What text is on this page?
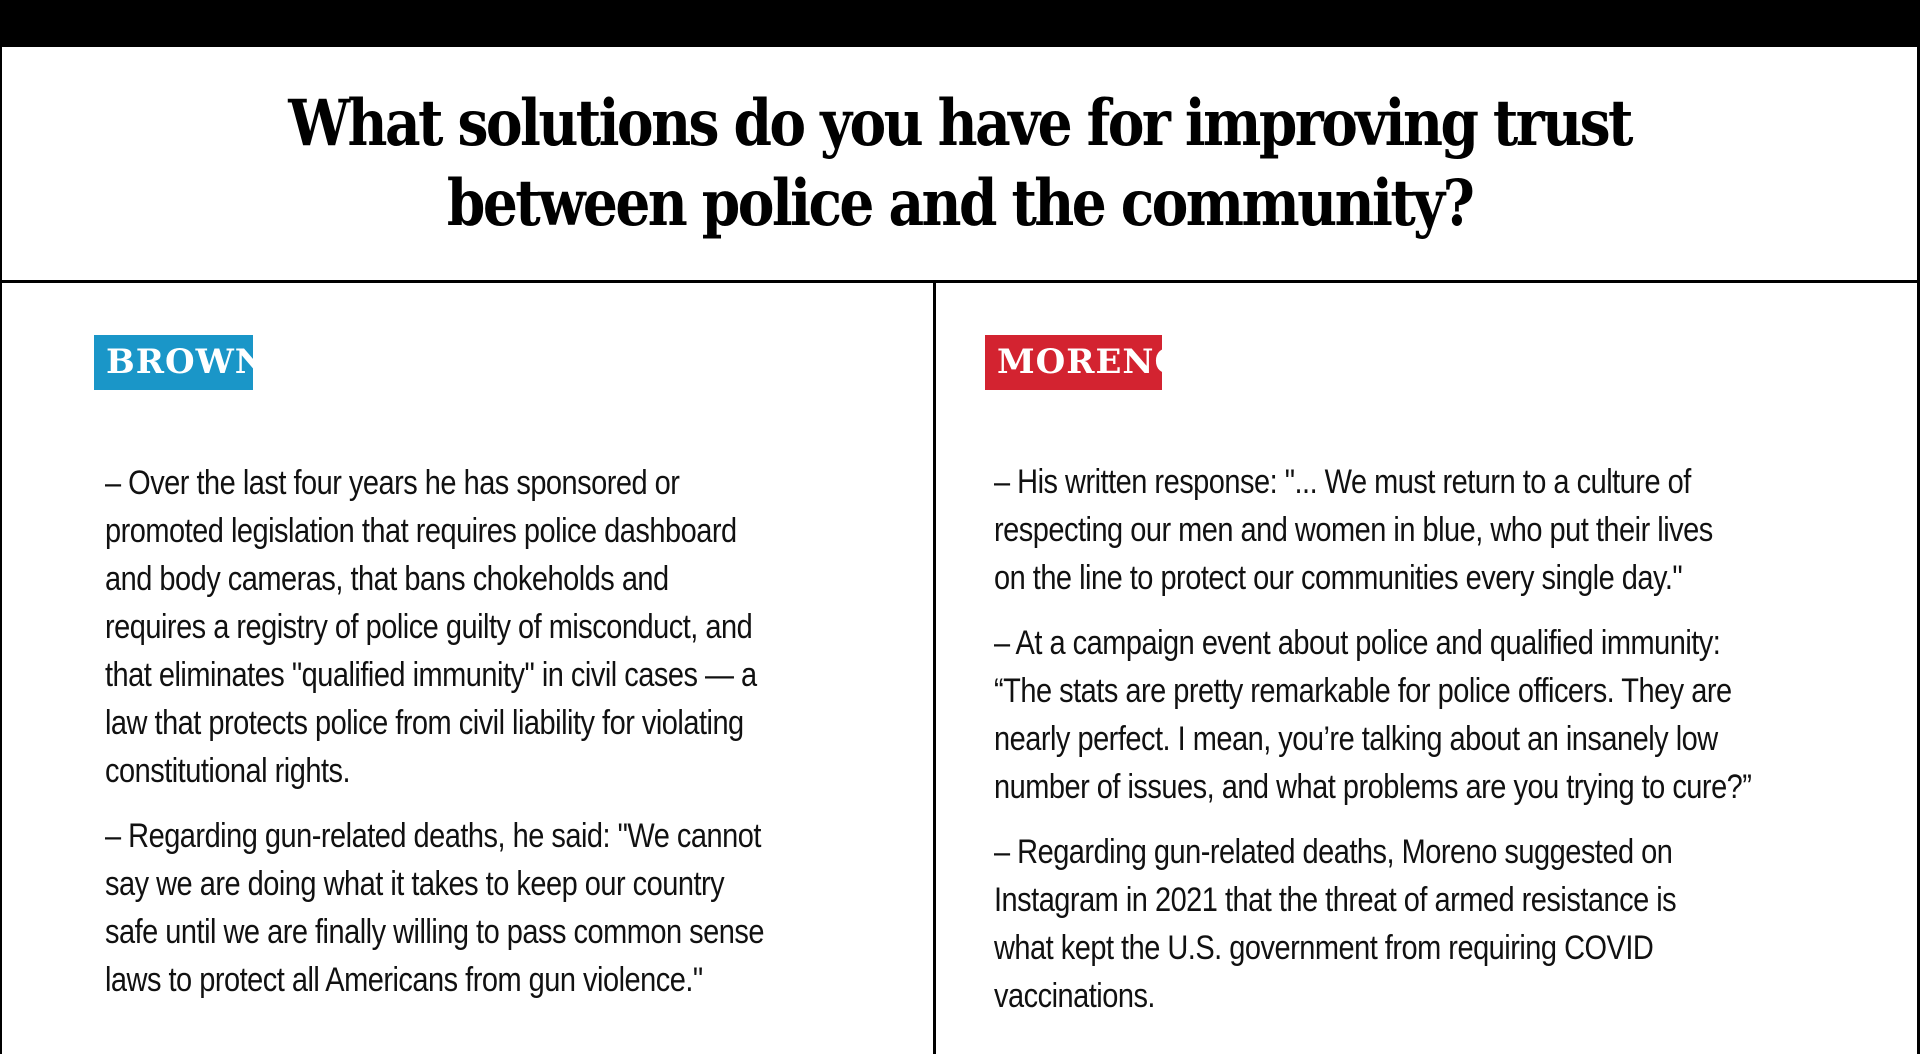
What solutions do you have for improving trust
between police and the community?
BROWN

– Over the last four years he has sponsored or
promoted legislation that requires police dashboard
and body cameras, that bans chokeholds and
requires a registry of police guilty of misconduct, and
that eliminates "qualified immunity" in civil cases — a
law that protects police from civil liability for violating
constitutional rights.

– Regarding gun-related deaths, he said: "We cannot
say we are doing what it takes to keep our country
safe until we are finally willing to pass common sense
laws to protect all Americans from gun violence."

MORENO

– His written response: "... We must return to a culture of
respecting our men and women in blue, who put their lives
on the line to protect our communities every single day."

– At a campaign event about police and qualified immunity:
“The stats are pretty remarkable for police officers. They are
nearly perfect. I mean, you’re talking about an insanely low
number of issues, and what problems are you trying to cure?”

– Regarding gun-related deaths, Moreno suggested on
Instagram in 2021 that the threat of armed resistance is
what kept the U.S. government from requiring COVID
vaccinations.
